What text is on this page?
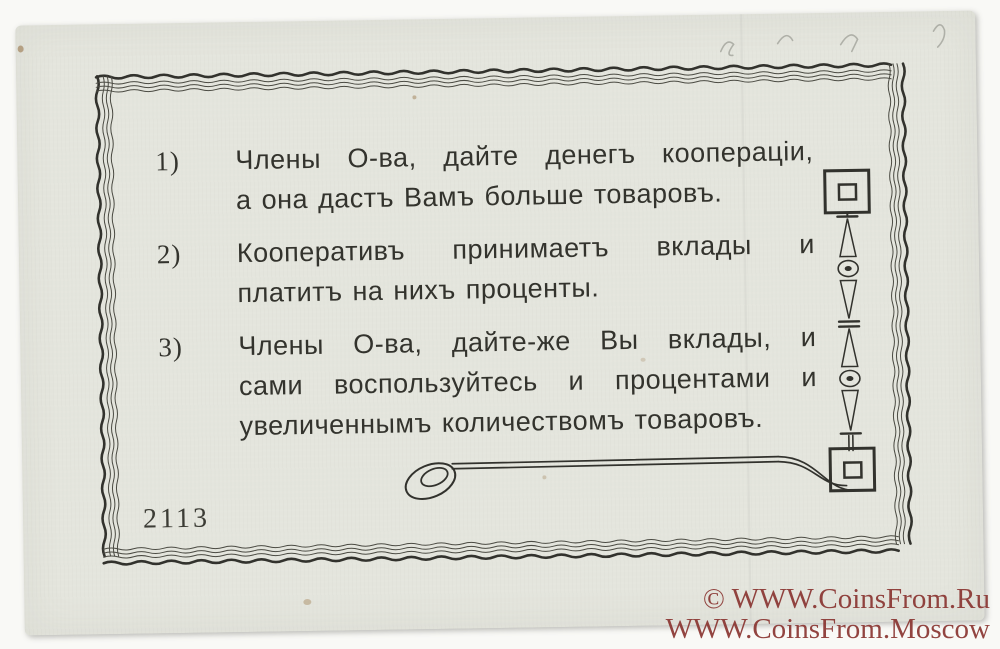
1)	Члены О-ва, дайте денегъ кооперацiи,
а она дастъ Вамъ больше товаровъ.
2)	Кооперативъ принимаетъ вклады и
платитъ на нихъ проценты.
3)	Члены О-ва, дайте-же Вы вклады, и
сами воспользуйтесь и процентами и
увеличеннымъ количествомъ товаровъ.
2113
© WWW.CoinsFrom.Ru
WWW.CoinsFrom.Moscow
